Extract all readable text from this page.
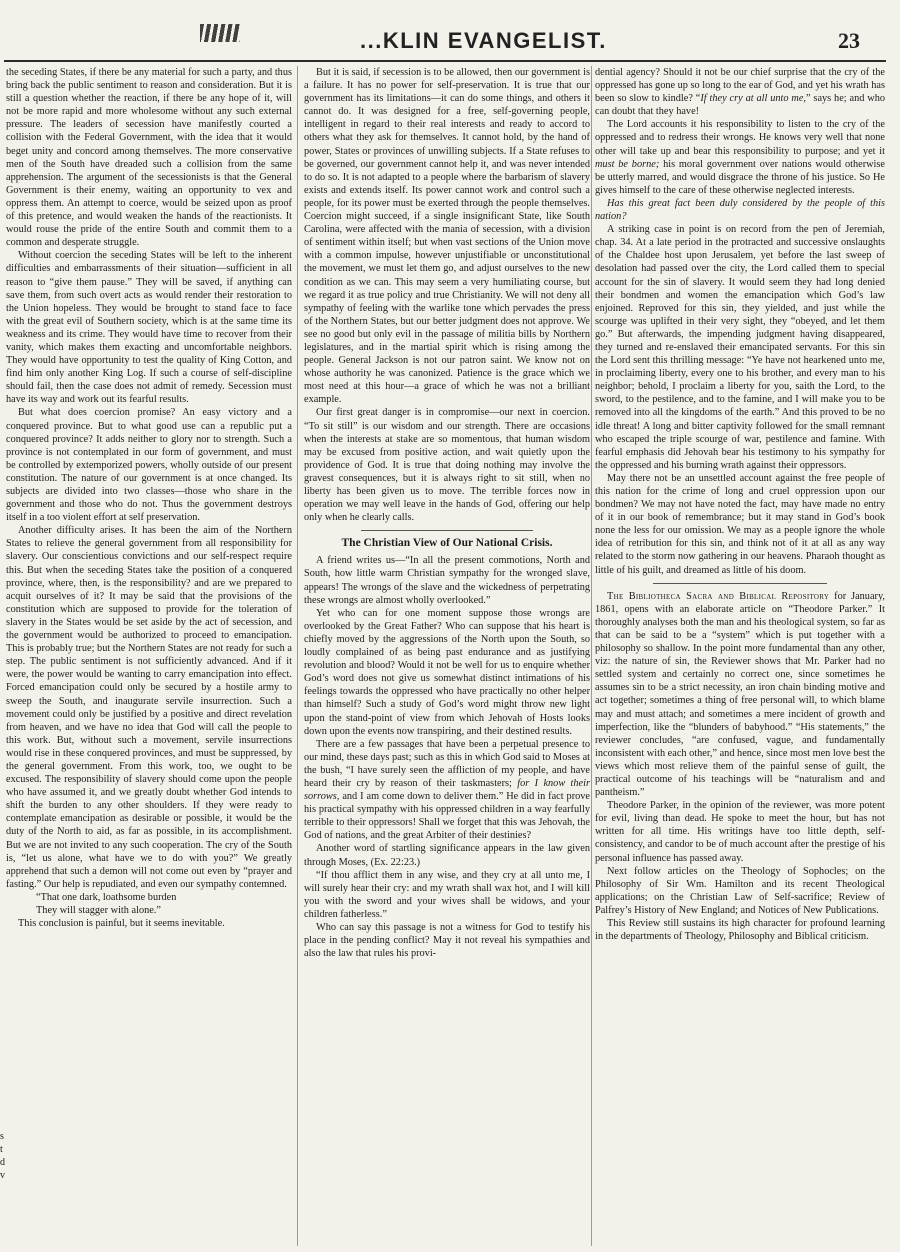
...KLIN EVANGELIST.	23

the seceding States, if there be any material for such a party, and thus bring back the public sentiment to reason and consideration. But it is still a question whether the reaction, if there be any hope of it, will not be more rapid and more wholesome without any such external pressure. The leaders of secession have manifestly courted a collision with the Federal Government, with the idea that it would beget unity and concord among themselves. The more conservative men of the South have dreaded such a collision from the same apprehension. The argument of the secessionists is that the General Government is their enemy, waiting an opportunity to vex and oppress them. An attempt to coerce, would be seized upon as proof of this pretence, and would weaken the hands of the reactionists. It would rouse the pride of the entire South and commit them to a common and desperate struggle.

Without coercion the seceding States will be left to the inherent difficulties and embarrassments of their situation—sufficient in all reason to “give them pause.” They will be saved, if anything can save them, from such overt acts as would render their restoration to the Union hopeless. They would be brought to stand face to face with the great evil of Southern society, which is at the same time its weakness and its crime. They would have time to recover from their vanity, which makes them exacting and uncomfortable neighbors. They would have opportunity to test the quality of King Cotton, and find him only another King Log. If such a course of self-discipline should fail, then the case does not admit of remedy. Secession must have its way and work out its fearful results.

But what does coercion promise? An easy victory and a conquered province. But to what good use can a republic put a conquered province? It adds neither to glory nor to strength. Such a province is not contemplated in our form of government, and must be controlled by extemporized powers, wholly outside of our present constitution. The nature of our government is at once changed. Its subjects are divided into two classes—those who share in the government and those who do not. Thus the government destroys itself in a too violent effort at self preservation.

Another difficulty arises. It has been the aim of the Northern States to relieve the general government from all responsibility for slavery. Our conscientious convictions and our self-respect require this. But when the seceding States take the position of a conquered province, where, then, is the responsibility? and are we prepared to acquit ourselves of it? It may be said that the provisions of the constitution which are supposed to provide for the toleration of slavery in the States would be set aside by the act of secession, and the government would be authorized to proceed to emancipation. This is probably true; but the Northern States are not ready for such a step. The public sentiment is not sufficiently advanced. And if it were, the power would be wanting to carry emancipation into effect. Forced emancipation could only be secured by a hostile army to sweep the South, and inaugurate servile insurrection. Such a movement could only be justified by a positive and direct revelation from heaven, and we have no idea that God will call the people to this work. But, without such a movement, servile insurrections would rise in these conquered provinces, and must be suppressed, by the general government. From this work, too, we ought to be excused. The responsibility of slavery should come upon the people who have assumed it, and we greatly doubt whether God intends to shift the burden to any other shoulders. If they were ready to contemplate emancipation as desirable or possible, it would be the duty of the North to aid, as far as possible, in its accomplishment. But we are not invited to any such cooperation. The cry of the South is, “let us alone, what have we to do with you?” We greatly apprehend that such a demon will not come out even by “prayer and fasting.” Our help is repudiated, and even our sympathy contemned.

“That one dark, loathsome burden
They will stagger with alone.”

This conclusion is painful, but it seems inevitable.

But it is said, if secession is to be allowed, then our government is a failure. It has no power for self-preservation. It is true that our government has its limitations—it can do some things, and others it cannot do. It was designed for a free, self-governing people, intelligent in regard to their real interests and ready to accord to others what they ask for themselves. It cannot hold, by the hand of power, States or provinces of unwilling subjects. If a State refuses to be governed, our government cannot help it, and was never intended to do so. It is not adapted to a people where the barbarism of slavery exists and extends itself. Its power cannot work and control such a people, for its power must be exerted through the people themselves. Coercion might succeed, if a single insignificant State, like South Carolina, were affected with the mania of secession, with a division of sentiment within itself; but when vast sections of the Union move with a common impulse, however unjustifiable or unconstitutional the movement, we must let them go, and adjust ourselves to the new condition as we can. This may seem a very humiliating course, but we regard it as true policy and true Christianity. We will not deny all sympathy of feeling with the warlike tone which pervades the press of the Northern States, but our better judgment does not approve. We see no good but only evil in the passage of militia bills by Northern legislatures, and in the martial spirit which is rising among the people. General Jackson is not our patron saint. We know not on whose authority he was canonized. Patience is the grace which we most need at this hour—a grace of which he was not a brilliant example.

Our first great danger is in compromise—our next in coercion. “To sit still” is our wisdom and our strength. There are occasions when the interests at stake are so momentous, that human wisdom may be excused from positive action, and wait quietly upon the providence of God. It is true that doing nothing may involve the gravest consequences, but it is always right to sit still, when no liberty has been given us to move. The terrible forces now in operation we may well leave in the hands of God, offering our help only when he clearly calls.

The Christian View of Our National Crisis.

A friend writes us—“In all the present commotions, North and South, how little warm Christian sympathy for the wronged slave, appears! The wrongs of the slave and the wickedness of perpetrating these wrongs are almost wholly overlooked.”

Yet who can for one moment suppose those wrongs are overlooked by the Great Father? Who can suppose that his heart is chiefly moved by the aggressions of the North upon the South, so loudly complained of as being past endurance and as justifying revolution and blood? Would it not be well for us to enquire whether God’s word does not give us somewhat distinct intimations of his feelings towards the oppressed who have practically no other helper than himself? Such a study of God’s word might throw new light upon the stand-point of view from which Jehovah of Hosts looks down upon the events now transpiring, and their destined results.

There are a few passages that have been a perpetual presence to our mind, these days past; such as this in which God said to Moses at the bush, “I have surely seen the affliction of my people, and have heard their cry by reason of their taskmasters; for I know their sorrows, and I am come down to deliver them.” He did in fact prove his practical sympathy with his oppressed children in a way fearfully terrible to their oppressors! Shall we forget that this was Jehovah, the God of nations, and the great Arbiter of their destinies?

Another word of startling significance appears in the law given through Moses, (Ex. 22:23.)

“If thou afflict them in any wise, and they cry at all unto me, I will surely hear their cry: and my wrath shall wax hot, and I will kill you with the sword and your wives shall be widows, and your children fatherless.”

Who can say this passage is not a witness for God to testify his place in the pending conflict? May it not reveal his sympathies and also the law that rules his provi-

dential agency? Should it not be our chief surprise that the cry of the oppressed has gone up so long to the ear of God, and yet his wrath has been so slow to kindle? “If they cry at all unto me,” says he; and who can doubt that they have!

The Lord accounts it his responsibility to listen to the cry of the oppressed and to redress their wrongs. He knows very well that none other will take up and bear this responsibility to purpose; and yet it must be borne; his moral government over nations would otherwise be utterly marred, and would disgrace the throne of his justice. So He gives himself to the care of these otherwise neglected interests.

Has this great fact been duly considered by the people of this nation?

A striking case in point is on record from the pen of Jeremiah, chap. 34. At a late period in the protracted and successive onslaughts of the Chaldee host upon Jerusalem, yet before the last sweep of desolation had passed over the city, the Lord called them to special account for the sin of slavery. It would seem they had long denied their bondmen and women the emancipation which God’s law enjoined. Reproved for this sin, they yielded, and just while the scourge was uplifted in their very sight, they “obeyed, and let them go.” But afterwards, the impending judgment having disappeared, they turned and re-enslaved their emancipated servants. For this sin the Lord sent this thrilling message: “Ye have not hearkened unto me, in proclaiming liberty, every one to his brother, and every man to his neighbor; behold, I proclaim a liberty for you, saith the Lord, to the sword, to the pestilence, and to the famine, and I will make you to be removed into all the kingdoms of the earth.” And this proved to be no idle threat! A long and bitter captivity followed for the small remnant who escaped the triple scourge of war, pestilence and famine. With fearful emphasis did Jehovah bear his testimony to his sympathy for the oppressed and his burning wrath against their oppressors.

May there not be an unsettled account against the free people of this nation for the crime of long and cruel oppression upon our bondmen? We may not have noted the fact, may have made no entry of it in our book of remembrance; but it may stand in God’s book none the less for our omission. We may as a people ignore the whole idea of retribution for this sin, and think not of it at all as any way related to the storm now gathering in our heavens. Pharaoh thought as little of his guilt, and dreamed as little of his doom.

The Bibliotheca Sacra and Biblical Repository for January, 1861, opens with an elaborate article on “Theodore Parker.” It thoroughly analyses both the man and his theological system, so far as that can be said to be a “system” which is put together with a philosophy so shallow. In the point more fundamental than any other, viz: the nature of sin, the Reviewer shows that Mr. Parker had no settled system and certainly no correct one, since sometimes he assumes sin to be a strict necessity, an iron chain binding motive and act together; sometimes a thing of free personal will, to which blame may and must attach; and sometimes a mere incident of growth and imperfection, like the “blunders of babyhood.” “His statements,” the reviewer concludes, “are confused, vague, and fundamentally inconsistent with each other,” and hence, since most men love best the views which most relieve them of the painful sense of guilt, the practical outcome of his teachings will be “naturalism and and pantheism.”

Theodore Parker, in the opinion of the reviewer, was more potent for evil, living than dead. He spoke to meet the hour, but has not written for all time. His writings have too little depth, self-consistency, and candor to be of much account after the prestige of his personal influence has passed away.

Next follow articles on the Theology of Sophocles; on the Philosophy of Sir Wm. Hamilton and its recent Theological applications; on the Christian Law of Self-sacrifice; Review of Palfrey’s History of New England; and Notices of New Publications.

This Review still sustains its high character for profound learning in the departments of Theology, Philosophy and Biblical criticism.

s
t
d
v
